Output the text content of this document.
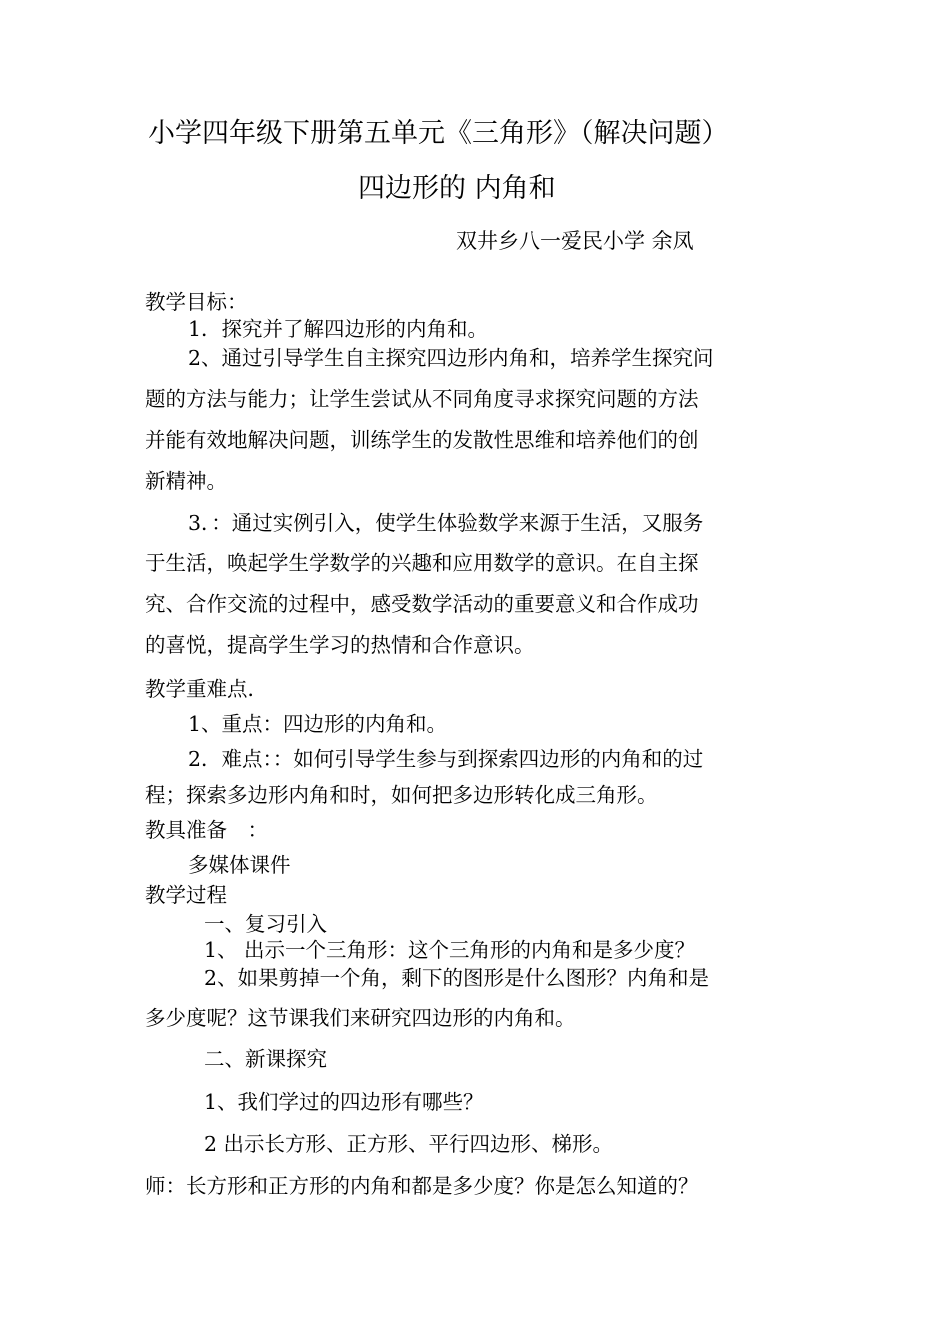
小学四年级下册第五单元《三角形》（解决问题）
四边形的 内角和
双井乡八一爱民小学 余凤
教学目标：
1．探究并了解四边形的内角和。
2、通过引导学生自主探究四边形内角和，培养学生探究问
题的方法与能力；让学生尝试从不同角度寻求探究问题的方法
并能有效地解决问题，训练学生的发散性思维和培养他们的创
新精神。
3．：通过实例引入，使学生体验数学来源于生活，又服务
于生活，唤起学生学数学的兴趣和应用数学的意识。在自主探
究、合作交流的过程中，感受数学活动的重要意义和合作成功
的喜悦，提高学生学习的热情和合作意识。
教学重难点．
1、重点：四边形的内角和。
2．难点：：如何引导学生参与到探索四边形的内角和的过
程；探索多边形内角和时，如何把多边形转化成三角形。
教具准备　：
多媒体课件
教学过程
一、复习引入
1、 出示一个三角形：这个三角形的内角和是多少度？
2、如果剪掉一个角，剩下的图形是什么图形？内角和是
多少度呢？这节课我们来研究四边形的内角和。
二、新课探究
1、我们学过的四边形有哪些？
2 出示长方形、正方形、平行四边形、梯形。
师：长方形和正方形的内角和都是多少度？你是怎么知道的？
